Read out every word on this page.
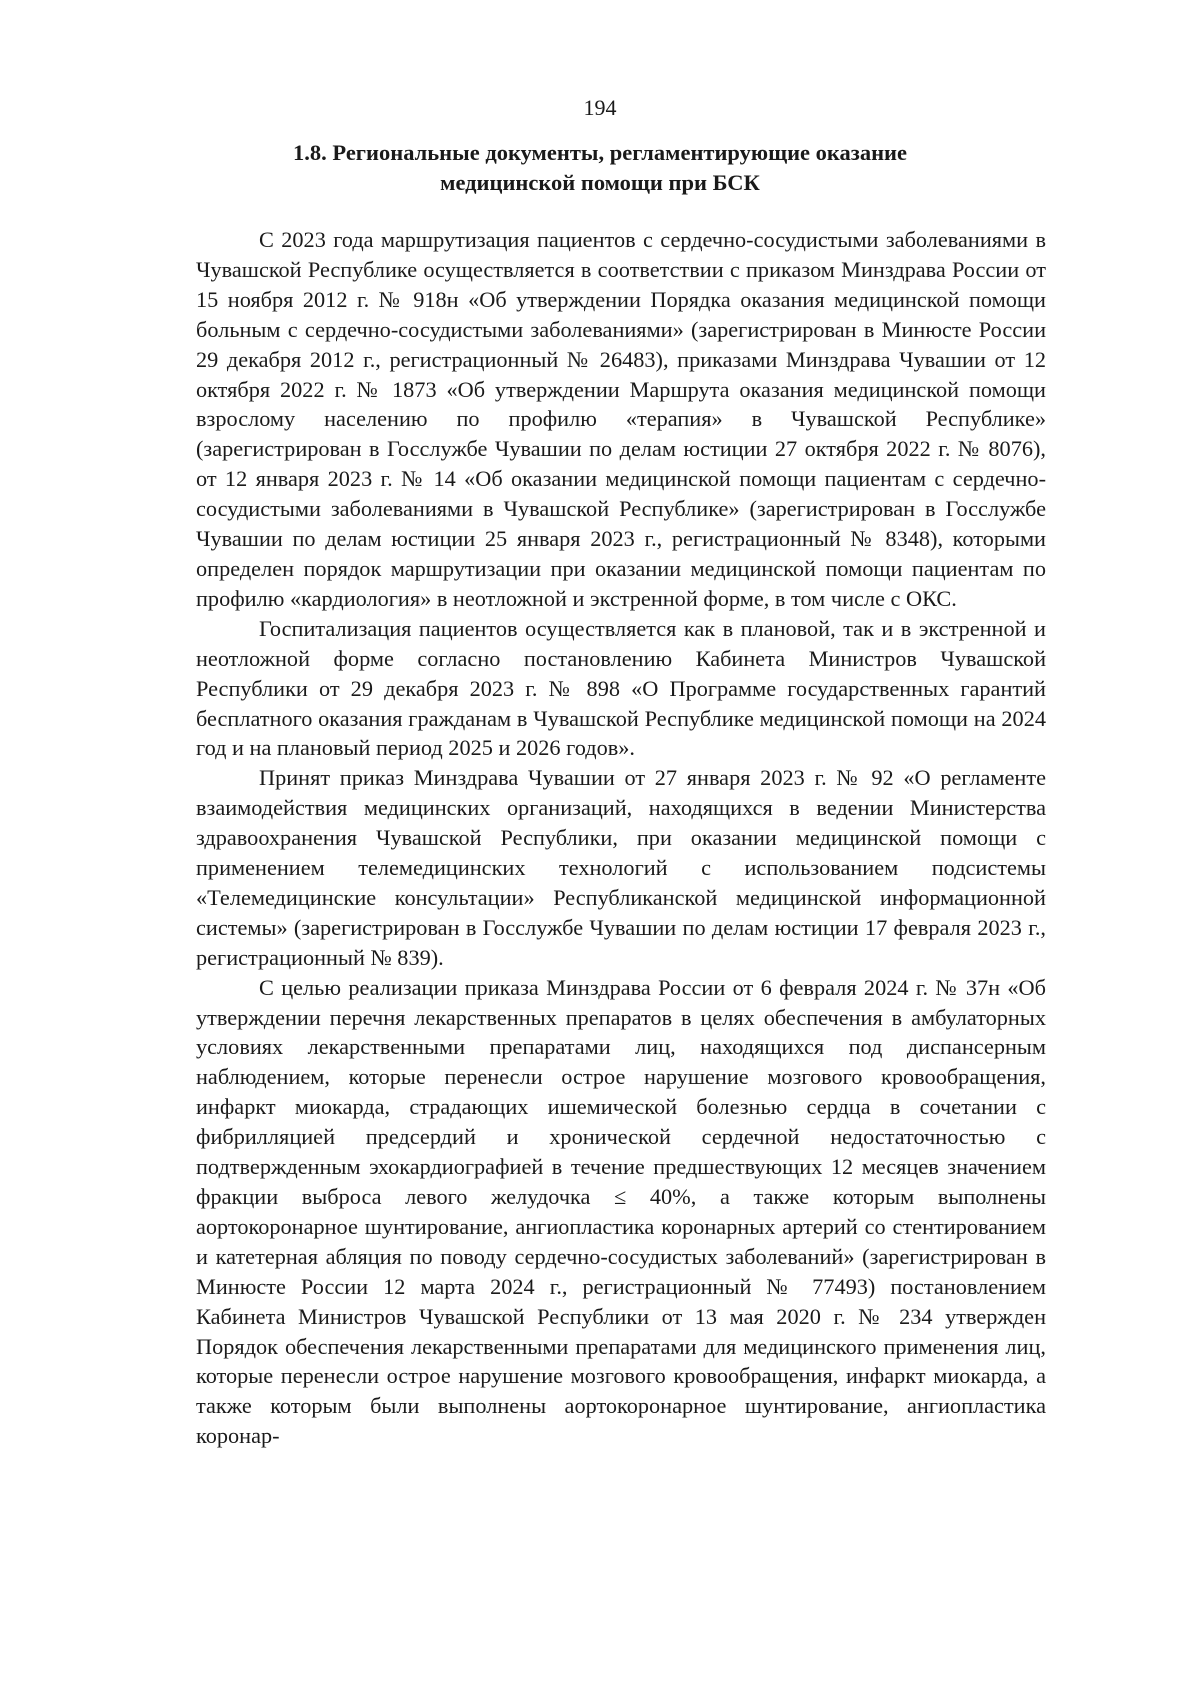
194
1.8. Региональные документы, регламентирующие оказание
медицинской помощи при БСК

С 2023 года маршрутизация пациентов с сердечно-сосудистыми заболеваниями в Чувашской Республике осуществляется в соответствии с приказом Минздрава России от 15 ноября 2012 г. № 918н «Об утверждении Порядка оказания медицинской помощи больным с сердечно-сосудистыми заболеваниями» (зарегистрирован в Минюсте России 29 декабря 2012 г., регистрационный № 26483), приказами Минздрава Чувашии от 12 октября 2022 г. № 1873 «Об утверждении Маршрута оказания медицинской помощи взрослому населению по профилю «терапия» в Чувашской Республике» (зарегистрирован в Госслужбе Чувашии по делам юстиции 27 октября 2022 г. № 8076), от 12 января 2023 г. № 14 «Об оказании медицинской помощи пациентам с сердечно-сосудистыми заболеваниями в Чувашской Республике» (зарегистрирован в Госслужбе Чувашии по делам юстиции 25 января 2023 г., регистрационный № 8348), которыми определен порядок маршрутизации при оказании медицинской помощи пациентам по профилю «кардиология» в неотложной и экстренной форме, в том числе с ОКС.

Госпитализация пациентов осуществляется как в плановой, так и в экстренной и неотложной форме согласно постановлению Кабинета Министров Чувашской Республики от 29 декабря 2023 г. № 898 «О Программе государственных гарантий бесплатного оказания гражданам в Чувашской Республике медицинской помощи на 2024 год и на плановый период 2025 и 2026 годов».

Принят приказ Минздрава Чувашии от 27 января 2023 г. № 92 «О регламенте взаимодействия медицинских организаций, находящихся в ведении Министерства здравоохранения Чувашской Республики, при оказании медицинской помощи с применением телемедицинских технологий с использованием подсистемы «Телемедицинские консультации» Республиканской медицинской информационной системы» (зарегистрирован в Госслужбе Чувашии по делам юстиции 17 февраля 2023 г., регистрационный № 839).

С целью реализации приказа Минздрава России от 6 февраля 2024 г. № 37н «Об утверждении перечня лекарственных препаратов в целях обеспечения в амбулаторных условиях лекарственными препаратами лиц, находящихся под диспансерным наблюдением, которые перенесли острое нарушение мозгового кровообращения, инфаркт миокарда, страдающих ишемической болезнью сердца в сочетании с фибрилляцией предсердий и хронической сердечной недостаточностью с подтвержденным эхокардиографией в течение предшествующих 12 месяцев значением фракции выброса левого желудочка ≤ 40%, а также которым выполнены аортокоронарное шунтирование, ангиопластика коронарных артерий со стентированием и катетерная абляция по поводу сердечно-сосудистых заболеваний» (зарегистрирован в Минюсте России 12 марта 2024 г., регистрационный № 77493) постановлением Кабинета Министров Чувашской Республики от 13 мая 2020 г. № 234 утвержден Порядок обеспечения лекарственными препаратами для медицинского применения лиц, которые перенесли острое нарушение мозгового кровообращения, инфаркт миокарда, а также которым были выполнены аортокоронарное шунтирование, ангиопластика коронар-
